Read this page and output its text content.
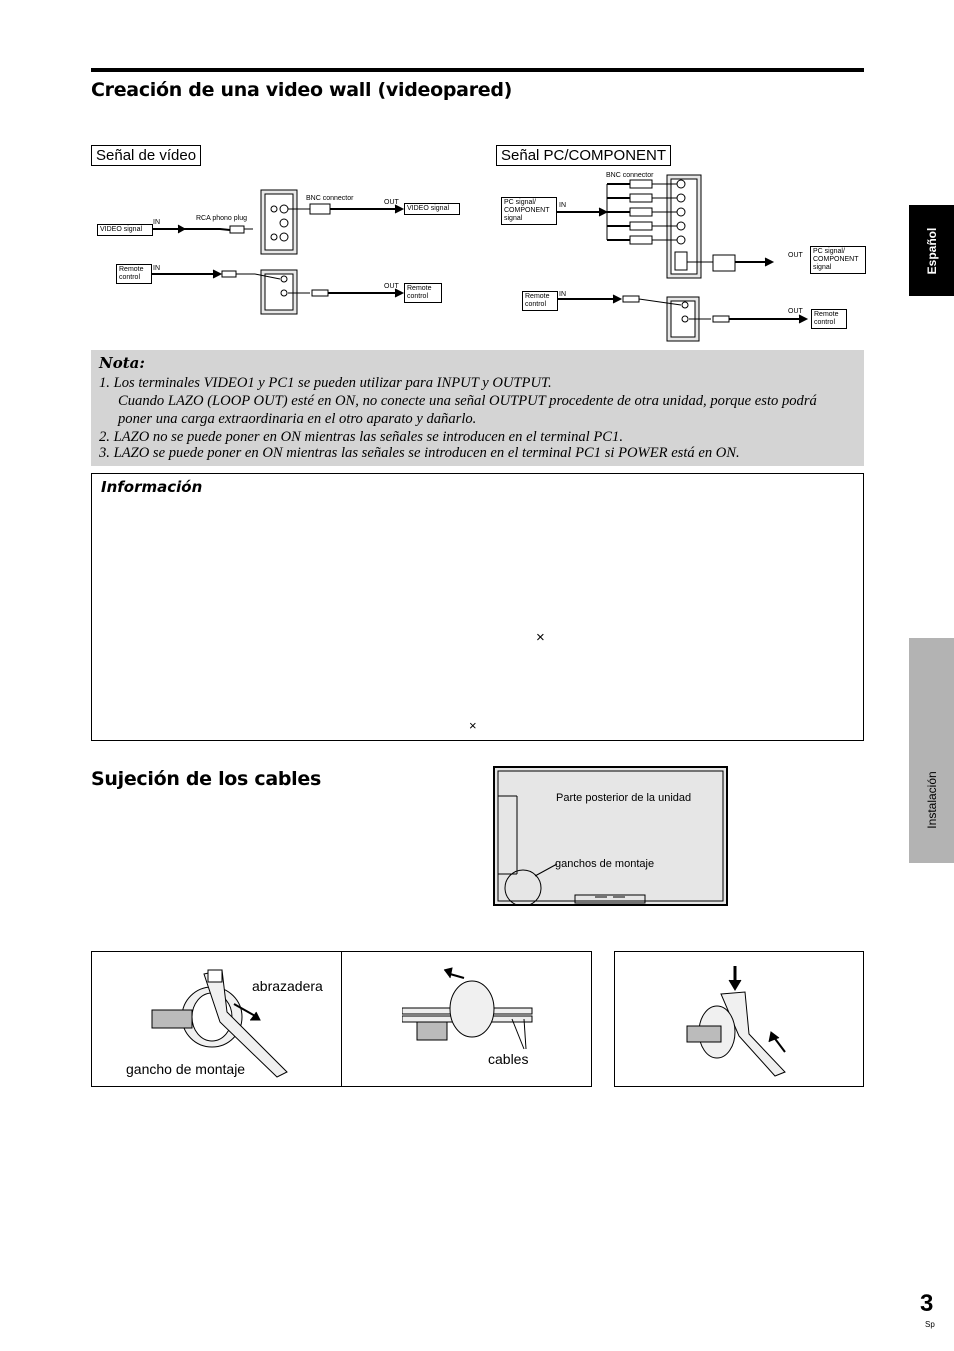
Creación de una video wall (videopared)
Español
Instalación
Señal de vídeo
BNC connector
RCA phono plug
IN
OUT
VIDEO signal
VIDEO signal
IN
OUT
Remote control
Remote control
Señal PC/COMPONENT
BNC connector
IN
PC signal/ COMPONENT signal
OUT
PC signal/ COMPONENT signal
IN
Remote control
OUT	Remote control
Nota:
1. Los terminales VIDEO1 y PC1 se pueden utilizar para INPUT y OUTPUT.
Cuando LAZO (LOOP OUT) esté en ON, no conecte una señal OUTPUT procedente de otra unidad, porque esto podrá
poner una carga extraordinaria en el otro aparato y dañarlo.
2. LAZO no se puede poner en ON mientras las señales se introducen en el terminal PC1.
3. LAZO se puede poner en ON mientras las señales se introducen en el terminal PC1 si POWER está en ON.
Información
×
×
Sujeción de los cables
Parte posterior de la unidad
ganchos de montaje
abrazadera
gancho de montaje
cables
3
Sp
